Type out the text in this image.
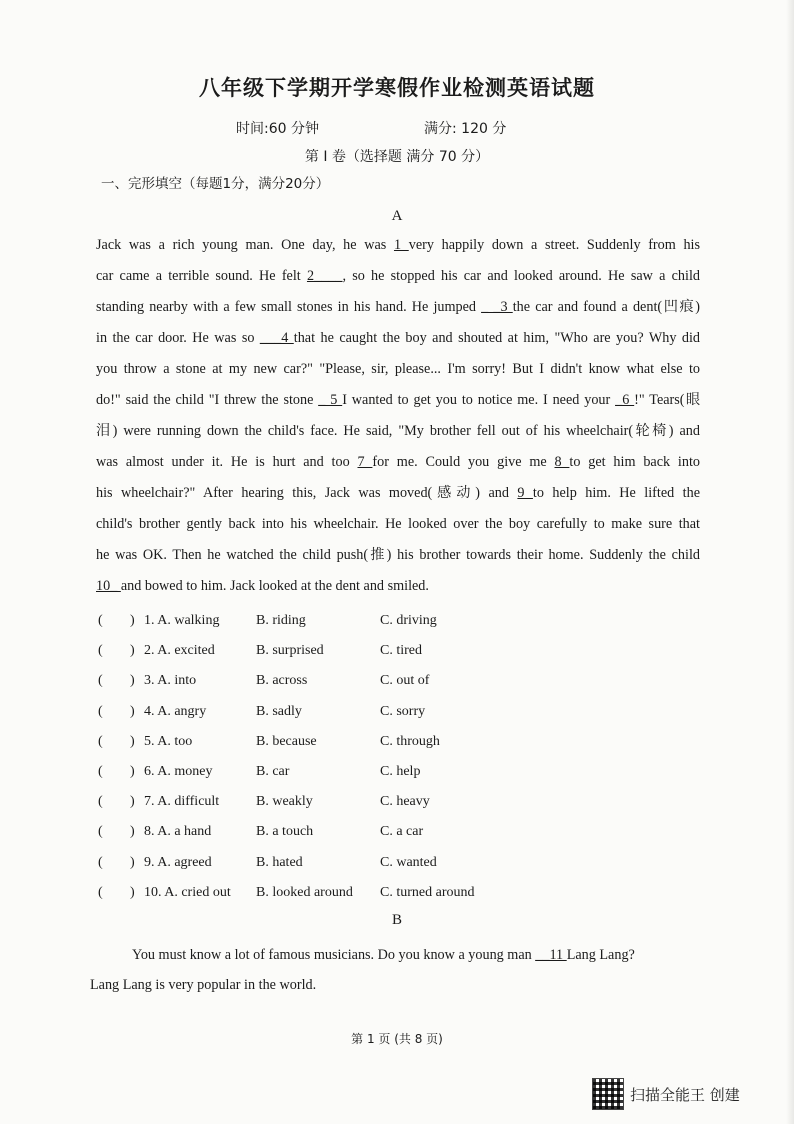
八年级下学期开学寒假作业检测英语试题
时间:60 分钟	满分: 120 分
第 I 卷（选择题 满分 70 分）
一、完形填空（每题1分，满分20分）
A
Jack was a rich young man. One day, he was 1 very happily down a street. Suddenly from his
car came a terrible sound. He felt 2____, so he stopped his car and looked around. He saw a child
standing nearby with a few small stones in his hand. He jumped _ _3 the car and found a dent(凹痕)
in the car door. He was so ___4 that he caught the boy and shouted at him, "Who are you? Why did
you throw a stone at my new car?" "Please, sir, please... I'm sorry! But I didn't know what else to
do!" said the child "I threw the stone _ 5 I wanted to get you to notice me. I need your _6 !" Tears(眼
泪) were running down the child's face. He said, "My brother fell out of his wheelchair(轮椅) and
was almost under it. He is hurt and too 7 for me. Could you give me 8 to get him back into
his wheelchair?" After hearing this, Jack was moved(感动) and 9 to help him. He lifted the
child's brother gently back into his wheelchair. He looked over the boy carefully to make sure that
he was OK. Then he watched the child push(推) his brother towards their home. Suddenly the child
10_ and bowed to him. Jack looked at the dent and smiled.
( ) 1. A. walking	B. riding	C. driving
( ) 2. A. excited	B. surprised	C. tired
( ) 3. A. into	B. across	C. out of
( ) 4. A. angry	B. sadly	C. sorry
( ) 5. A. too	B. because	C. through
( ) 6. A. money	B. car	C. help
( ) 7. A. difficult	B. weakly	C. heavy
( ) 8. A. a hand	B. a touch	C. a car
( ) 9. A. agreed	B. hated	C. wanted
( ) 10. A. cried out B. looked around C. turned around
B
You must know a lot of famous musicians. Do you know a young man __11 Lang Lang?
Lang Lang is very popular in the world.
第 1 页 (共 8 页)
扫描全能王 创建
